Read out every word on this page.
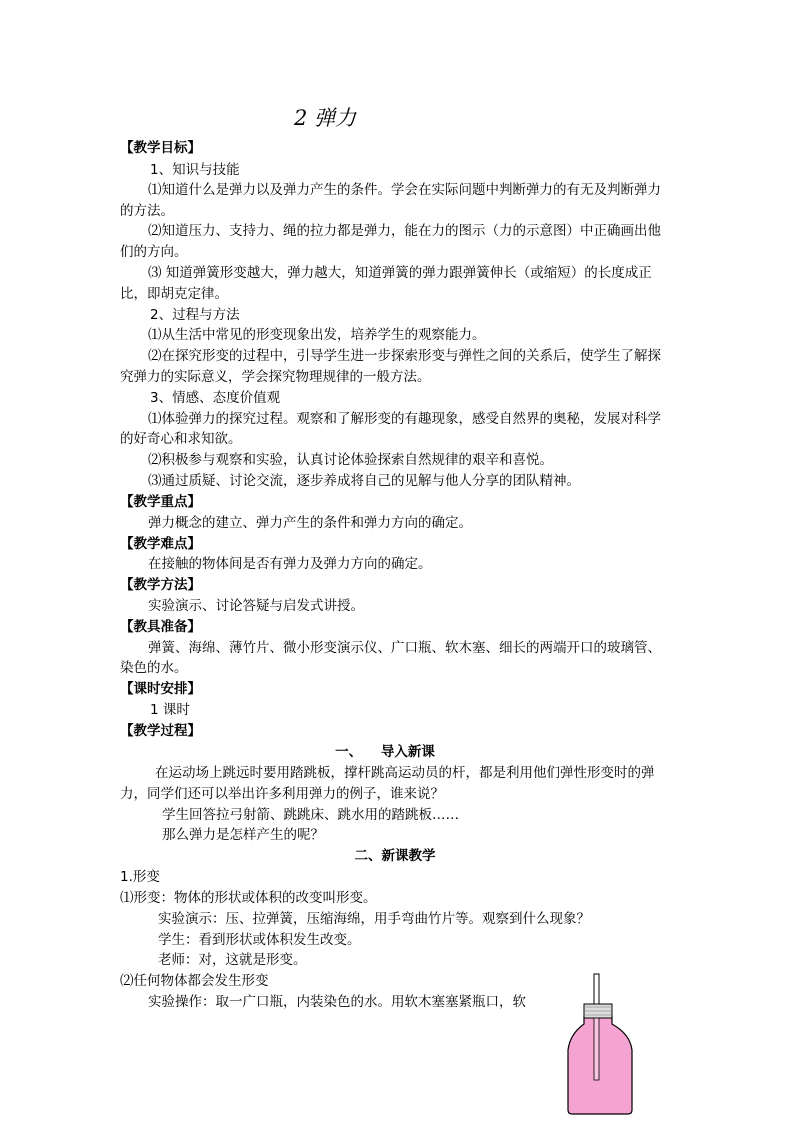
2 弹力
【教学目标】
1、知识与技能
⑴知道什么是弹力以及弹力产生的条件。学会在实际问题中判断弹力的有无及判断弹力
的方法。
⑵知道压力、支持力、绳的拉力都是弹力，能在力的图示（力的示意图）中正确画出他
们的方向。
⑶ 知道弹簧形变越大，弹力越大，知道弹簧的弹力跟弹簧伸长（或缩短）的长度成正
比，即胡克定律。
2、过程与方法
⑴从生活中常见的形变现象出发，培养学生的观察能力。
⑵在探究形变的过程中，引导学生进一步探索形变与弹性之间的关系后，使学生了解探
究弹力的实际意义，学会探究物理规律的一般方法。
3、情感、态度价值观
⑴体验弹力的探究过程。观察和了解形变的有趣现象，感受自然界的奥秘，发展对科学
的好奇心和求知欲。
⑵积极参与观察和实验，认真讨论体验探索自然规律的艰辛和喜悦。
⑶通过质疑、讨论交流，逐步养成将自己的见解与他人分享的团队精神。
【教学重点】
弹力概念的建立、弹力产生的条件和弹力方向的确定。
【教学难点】
在接触的物体间是否有弹力及弹力方向的确定。
【教学方法】
实验演示、讨论答疑与启发式讲授。
【教具准备】
弹簧、海绵、薄竹片、微小形变演示仪、广口瓶、软木塞、细长的两端开口的玻璃管、
染色的水。
【课时安排】
1 课时
【教学过程】
一、    导入新课
在运动场上跳远时要用踏跳板，撑杆跳高运动员的杆，都是利用他们弹性形变时的弹
力，同学们还可以举出许多利用弹力的例子，谁来说？
学生回答拉弓射箭、跳跳床、跳水用的踏跳板……
那么弹力是怎样产生的呢？
二、新课教学
1.形变
⑴形变：物体的形状或体积的改变叫形变。
实验演示：压、拉弹簧，压缩海绵，用手弯曲竹片等。观察到什么现象？
学生：看到形状或体积发生改变。
老师：对，这就是形变。
⑵任何物体都会发生形变
实验操作：取一广口瓶，内装染色的水。用软木塞塞紧瓶口，软
